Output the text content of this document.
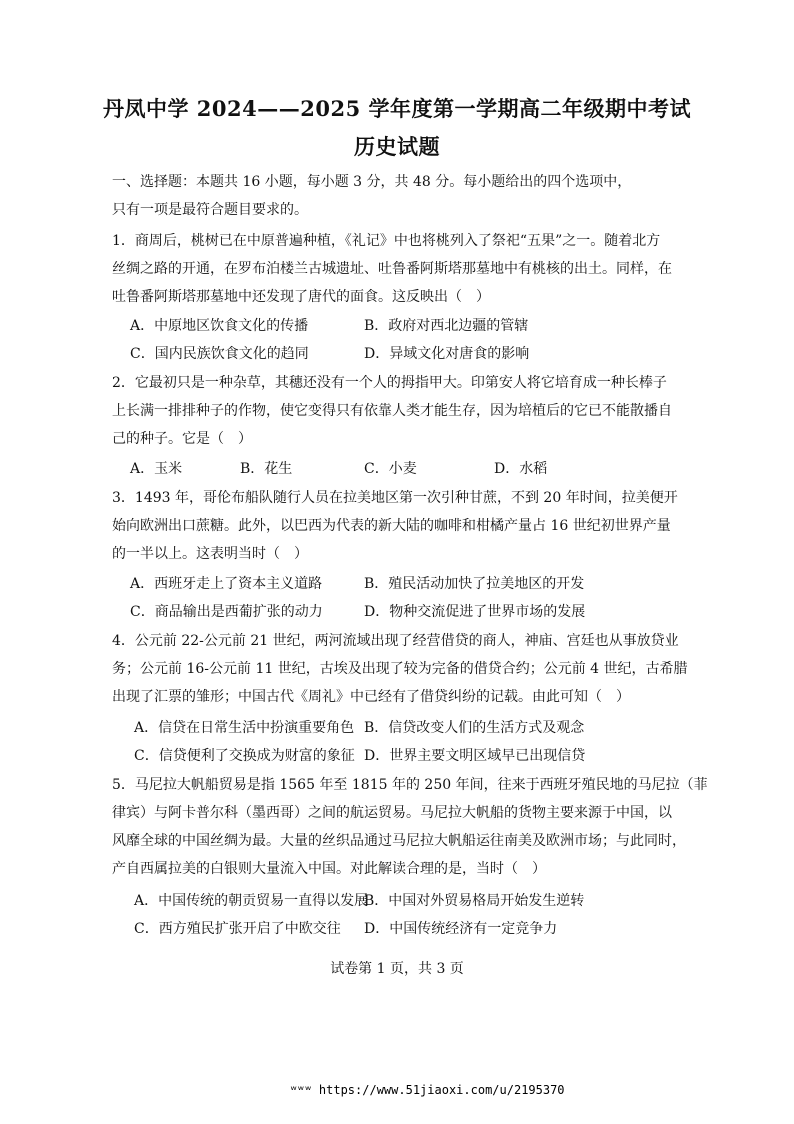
丹凤中学 2024——2025 学年度第一学期高二年级期中考试
历史试题
一、选择题：本题共 16 小题，每小题 3 分，共 48 分。每小题给出的四个选项中，
只有一项是最符合题目要求的。
1．商周后，桃树已在中原普遍种植，《礼记》中也将桃列入了祭祀“五果”之一。随着北方
丝绸之路的开通，在罗布泊楼兰古城遗址、吐鲁番阿斯塔那墓地中有桃核的出土。同样，在
吐鲁番阿斯塔那墓地中还发现了唐代的面食。这反映出（　）
A．中原地区饮食文化的传播	B．政府对西北边疆的管辖
C．国内民族饮食文化的趋同	D．异域文化对唐食的影响
2．它最初只是一种杂草，其穗还没有一个人的拇指甲大。印第安人将它培育成一种长棒子
上长满一排排种子的作物，使它变得只有依靠人类才能生存，因为培植后的它已不能散播自
己的种子。它是（　）
A．玉米	B．花生	C．小麦	D．水稻
3．1493 年，哥伦布船队随行人员在拉美地区第一次引种甘蔗，不到 20 年时间，拉美便开
始向欧洲出口蔗糖。此外，以巴西为代表的新大陆的咖啡和柑橘产量占 16 世纪初世界产量
的一半以上。这表明当时（　）
A．西班牙走上了资本主义道路	B．殖民活动加快了拉美地区的开发
C．商品输出是西葡扩张的动力	D．物种交流促进了世界市场的发展
4．公元前 22-公元前 21 世纪，两河流域出现了经营借贷的商人，神庙、宫廷也从事放贷业
务；公元前 16-公元前 11 世纪，古埃及出现了较为完备的借贷合约；公元前 4 世纪，古希腊
出现了汇票的雏形；中国古代《周礼》中已经有了借贷纠纷的记载。由此可知（　）
A．信贷在日常生活中扮演重要角色 B．信贷改变人们的生活方式及观念
C．信贷便利了交换成为财富的象征 D．世界主要文明区域早已出现信贷
5．马尼拉大帆船贸易是指 1565 年至 1815 年的 250 年间，往来于西班牙殖民地的马尼拉（菲
律宾）与阿卡普尔科（墨西哥）之间的航运贸易。马尼拉大帆船的货物主要来源于中国，以
风靡全球的中国丝绸为最。大量的丝织品通过马尼拉大帆船运往南美及欧洲市场；与此同时，
产自西属拉美的白银则大量流入中国。对此解读合理的是，当时（　）
A．中国传统的朝贡贸易一直得以发展
B．中国对外贸易格局开始发生逆转
C．西方殖民扩张开启了中欧交往 D．中国传统经济有一定竞争力
试卷第 1 页，共 3 页
ʷʷʷ https://www.51jiaoxi.com/u/2195370
